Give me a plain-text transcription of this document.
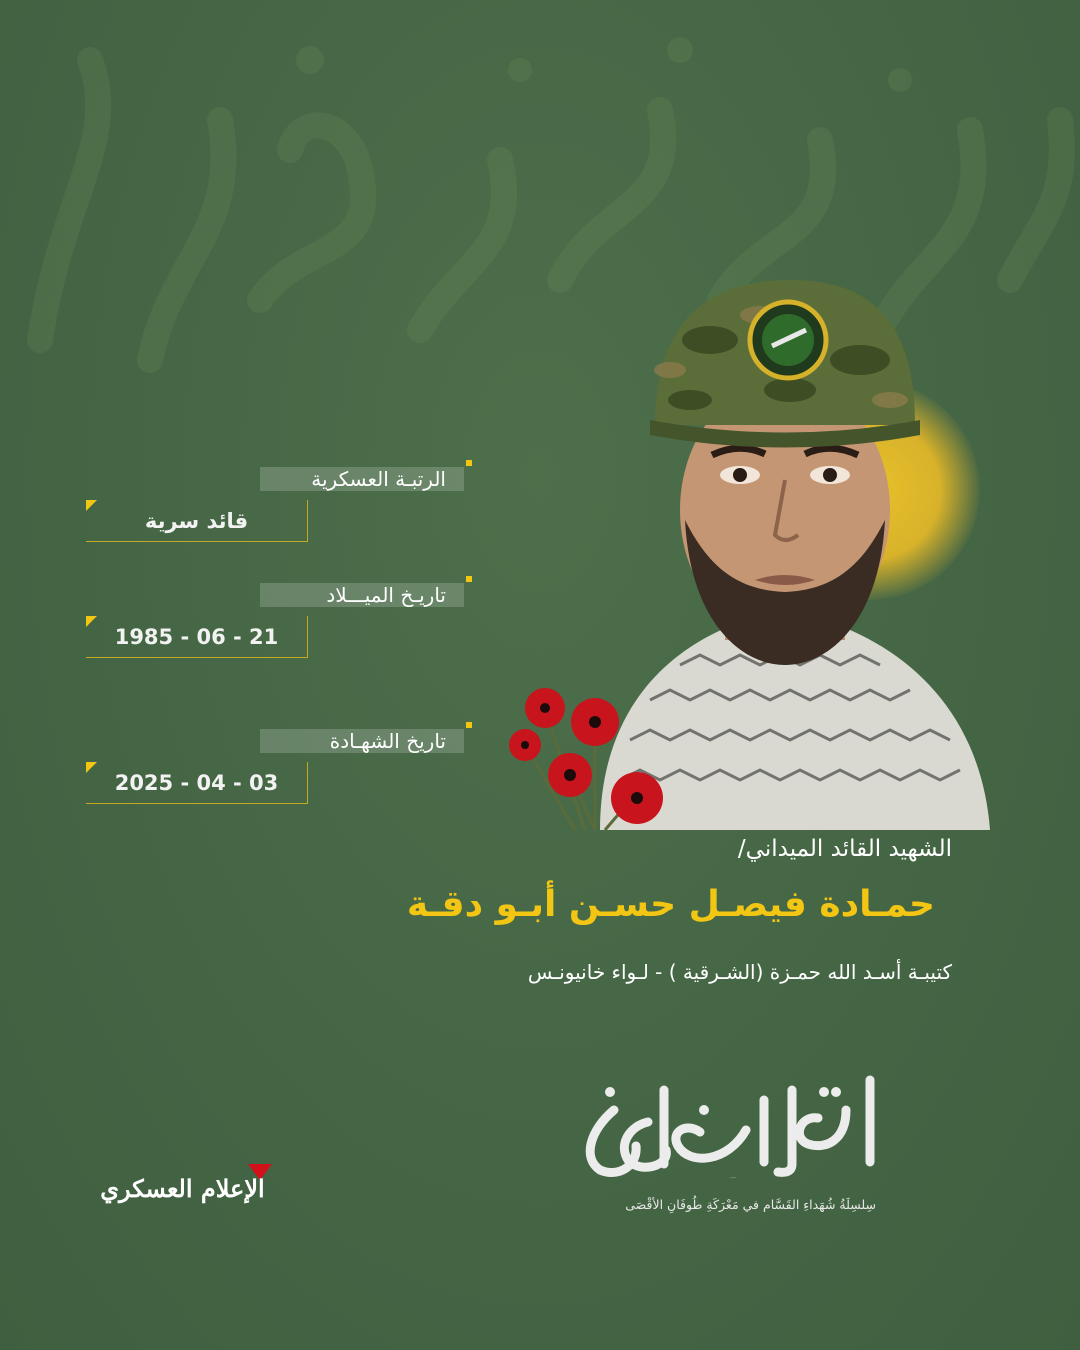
الرتبـة العسكرية
قائد سرية
تاريـخ الميـــلاد
1985 - 06 - 21
تاريخ الشهـادة
2025 - 04 - 03
الشهيد القائد الميداني/
حمـادة فيصـل حسـن أبـو دقـة
كتيبـة أسـد الله حمـزة (الشـرقية ) - لـواء خانيونـس
أقمار الطوفان
سِلسِلَةُ شُهَداءِ القَسَّام في مَعْرَكَةِ طُوفَانِ الأقْصَى
الإعلام العسكري
